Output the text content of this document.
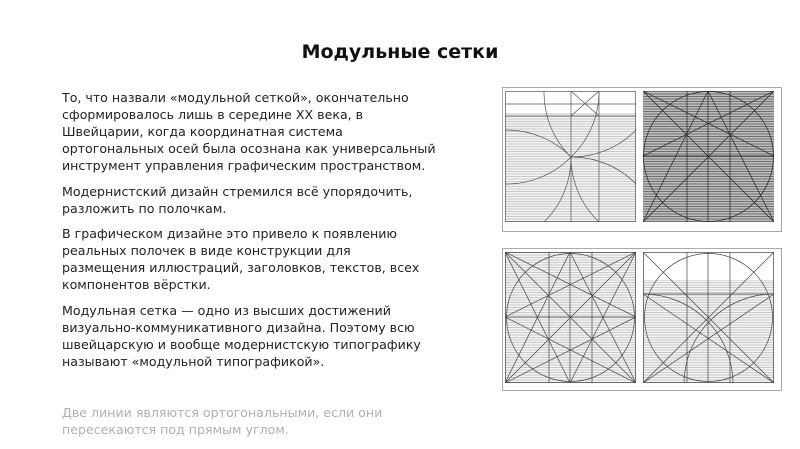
Модульные сетки

То, что назвали «модульной сеткой», окончательно
сформировалось лишь в середине XX века, в
Швейцарии, когда координатная система
ортогональных осей была осознана как универсальный
инструмент управления графическим пространством.

Модернистский дизайн стремился всё упорядочить,
разложить по полочкам.

В графическом дизайне это привело к появлению
реальных полочек в виде конструкции для
размещения иллюстраций, заголовков, текстов, всех
компонентов вёрстки.

Модульная сетка — одно из высших достижений
визуально-коммуникативного дизайна. Поэтому всю
швейцарскую и вообще модернистскую типографику
называют «модульной типографикой».

Две линии являются ортогональными, если они
пересекаются под прямым углом.
